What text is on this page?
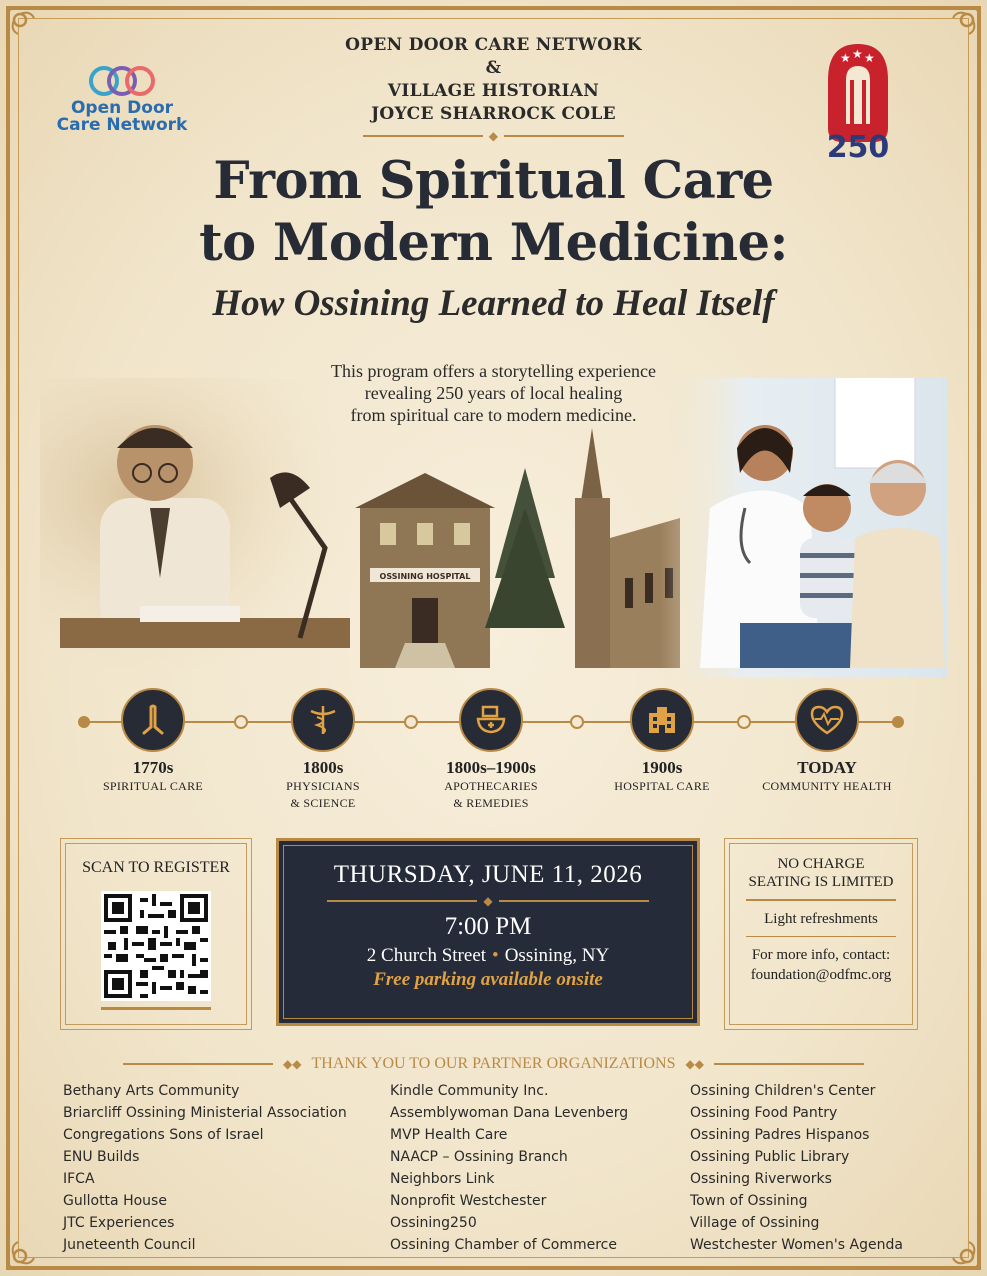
OPEN DOOR CARE NETWORK
&
VILLAGE HISTORIAN
JOYCE SHARROCK COLE
◆
Open Door
Care Network
★ ★ ★
250
From Spiritual Care
to Modern Medicine:
How Ossining Learned to Heal Itself
OSSINING HOSPITAL
This program offers a storytelling experience
revealing 250 years of local healing
from spiritual care to modern medicine.
1770s
SPIRITUAL CARE
1800s
PHYSICIANS
& SCIENCE
1800s–1900s
APOTHECARIES
& REMEDIES
1900s
HOSPITAL CARE
TODAY
COMMUNITY HEALTH
SCAN TO REGISTER	THURSDAY, JUNE 11, 2026
◆
7:00 PM
2 Church Street • Ossining, NY
Free parking available onsite
NO CHARGE
SEATING IS LIMITED
Light refreshments
For more info, contact:
foundation@odfmc.org
◆◆ THANK YOU TO OUR PARTNER ORGANIZATIONS ◆◆
Bethany Arts Community
Briarcliff Ossining Ministerial Association
Congregations Sons of Israel
ENU Builds
IFCA
Gullotta House
JTC Experiences
Juneteenth Council
Kindle Community Inc.
Assemblywoman Dana Levenberg
MVP Health Care
NAACP – Ossining Branch
Neighbors Link
Nonprofit Westchester
Ossining250
Ossining Chamber of Commerce
Ossining Children's Center
Ossining Food Pantry
Ossining Padres Hispanos
Ossining Public Library
Ossining Riverworks
Town of Ossining
Village of Ossining
Westchester Women's Agenda
